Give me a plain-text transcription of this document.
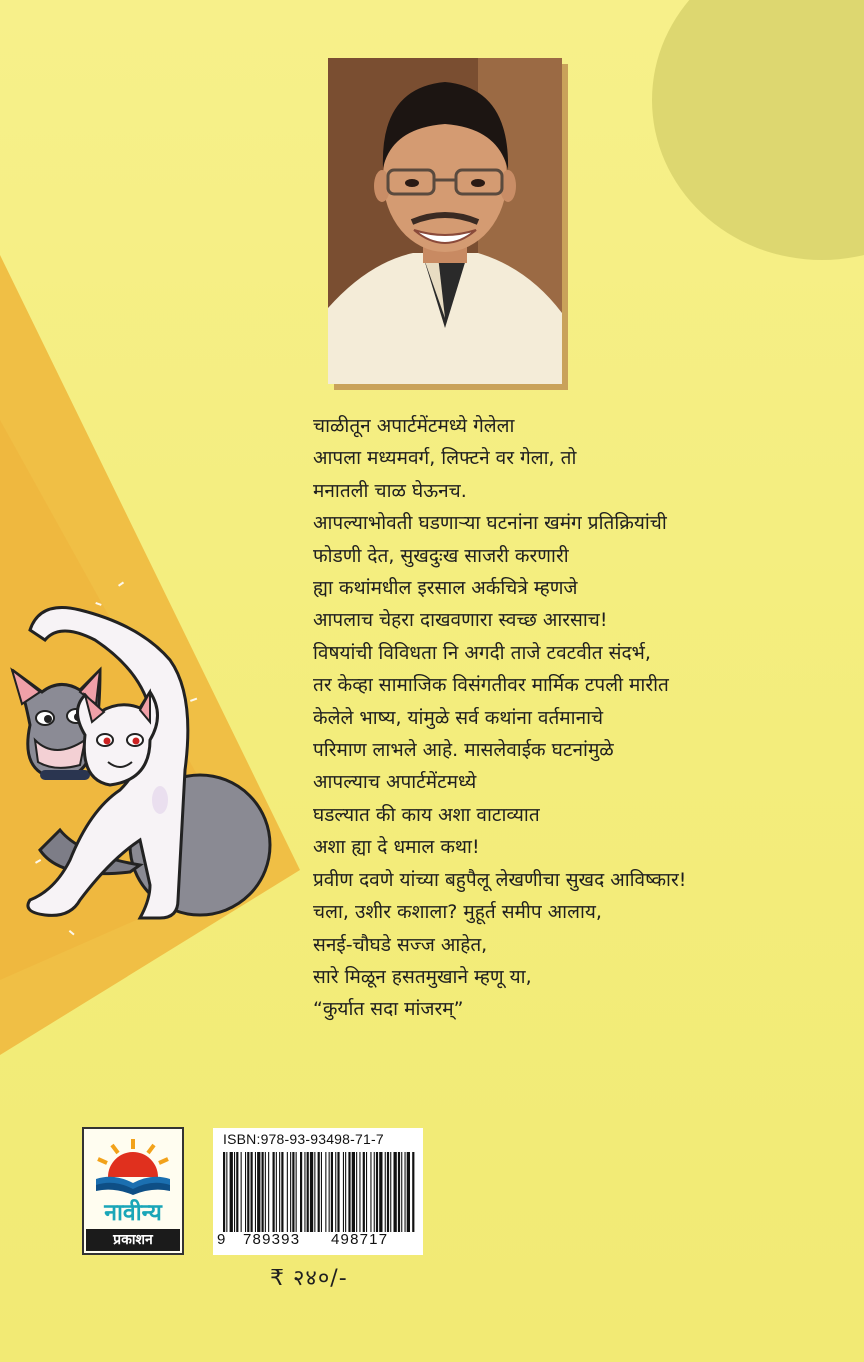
चाळीतून अपार्टमेंटमध्ये गेलेला
आपला मध्यमवर्ग, लिफ्टने वर गेला, तो
मनातली चाळ घेऊनच.
आपल्याभोवती घडणाऱ्या घटनांना खमंग प्रतिक्रियांची
फोडणी देत, सुखदुःख साजरी करणारी
ह्या कथांमधील इरसाल अर्कचित्रे म्हणजे
आपलाच चेहरा दाखवणारा स्वच्छ आरसाच!
विषयांची विविधता नि अगदी ताजे टवटवीत संदर्भ,
तर केव्हा सामाजिक विसंगतीवर मार्मिक टपली मारीत
केलेले भाष्य, यांमुळे सर्व कथांना वर्तमानाचे
परिमाण लाभले आहे. मासलेवाईक घटनांमुळे
आपल्याच अपार्टमेंटमध्ये
घडल्यात की काय अशा वाटाव्यात
अशा ह्या दे धमाल कथा!
प्रवीण दवणे यांच्या बहुपैलू लेखणीचा सुखद आविष्कार!
चला, उशीर कशाला? मुहूर्त समीप आलाय,
सनई-चौघडे सज्ज आहेत,
सारे मिळून हसतमुखाने म्हणू या,
“कुर्यात सदा मांजरम्”
नावीन्य
प्रकाशन
ISBN:978-93-93498-71-7
9 789393 498717
₹ २४०/-
